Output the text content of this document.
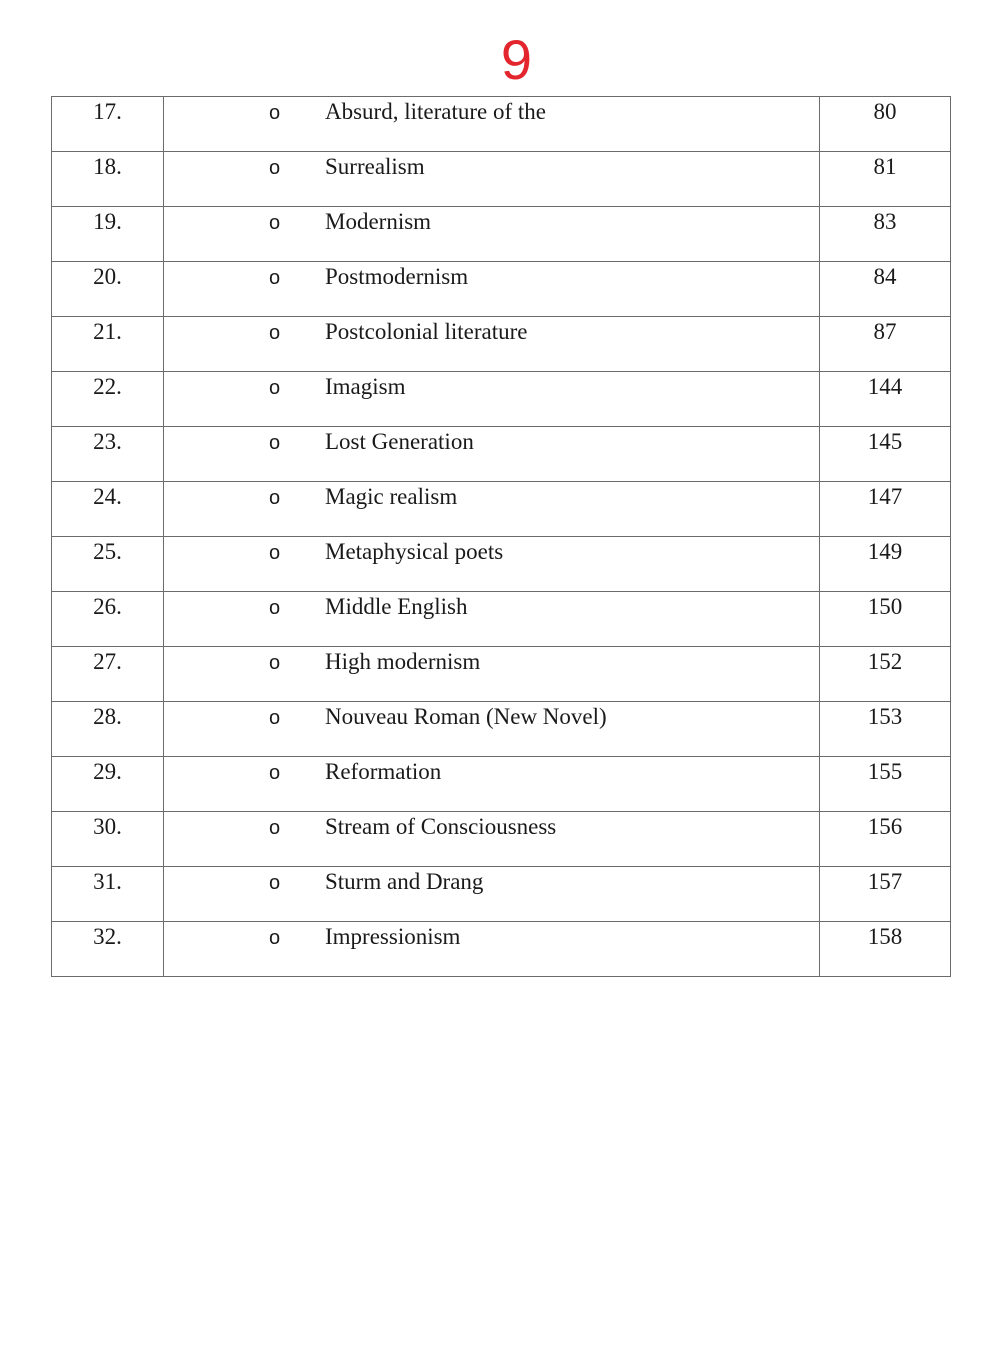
9
17.	o Absurd, literature of the	80

18.	o Surrealism	81

19.	o Modernism	83

20.	o Postmodernism	84

21.	o Postcolonial literature	87

22.	o Imagism	144

23.	o Lost Generation	145

24.	o Magic realism	147

25.	o Metaphysical poets	149

26.	o Middle English	150

27.	o High modernism	152

28.	o Nouveau Roman (New Novel)	153

29.	o Reformation	155

30.	o Stream of Consciousness	156

31.	o Sturm and Drang	157

32.	o Impressionism	158
